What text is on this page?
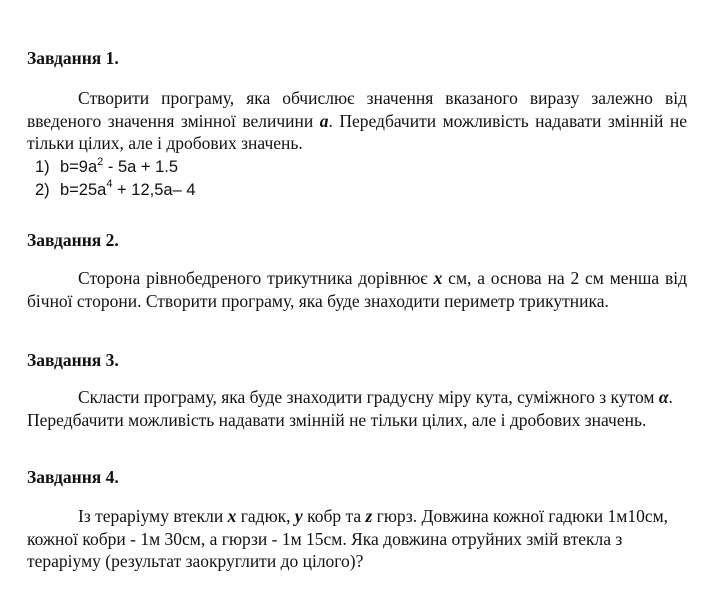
Завдання 1.

Створити програму, яка обчислює значення вказаного виразу залежно від введеного значення змінної величини a. Передбачити можливість надавати змінній не тільки цілих, але і дробових значень.

1) $b=9a^2 - 5a + 1.5$
2) $b=25a^4 + 12,5a-$ 4

Завдання 2.

Сторона рівнобедреного трикутника дорівнює x см, а основа на 2 см менша від бічної сторони. Створити програму, яка буде знаходити периметр трикутника.

Завдання 3.

Скласти програму, яка буде знаходити градусну міру кута, суміжного з кутом α. Передбачити можливість надавати змінній не тільки цілих, але і дробових значень.

Завдання 4.

Із тераріуму втекли x гадюк, y кобр та z гюрз. Довжина кожної гадюки 1м10см, кожної кобри - 1м 30см, а гюрзи - 1м 15см. Яка довжина отруйних змій втекла з тераріуму (результат заокруглити до цілого)?
